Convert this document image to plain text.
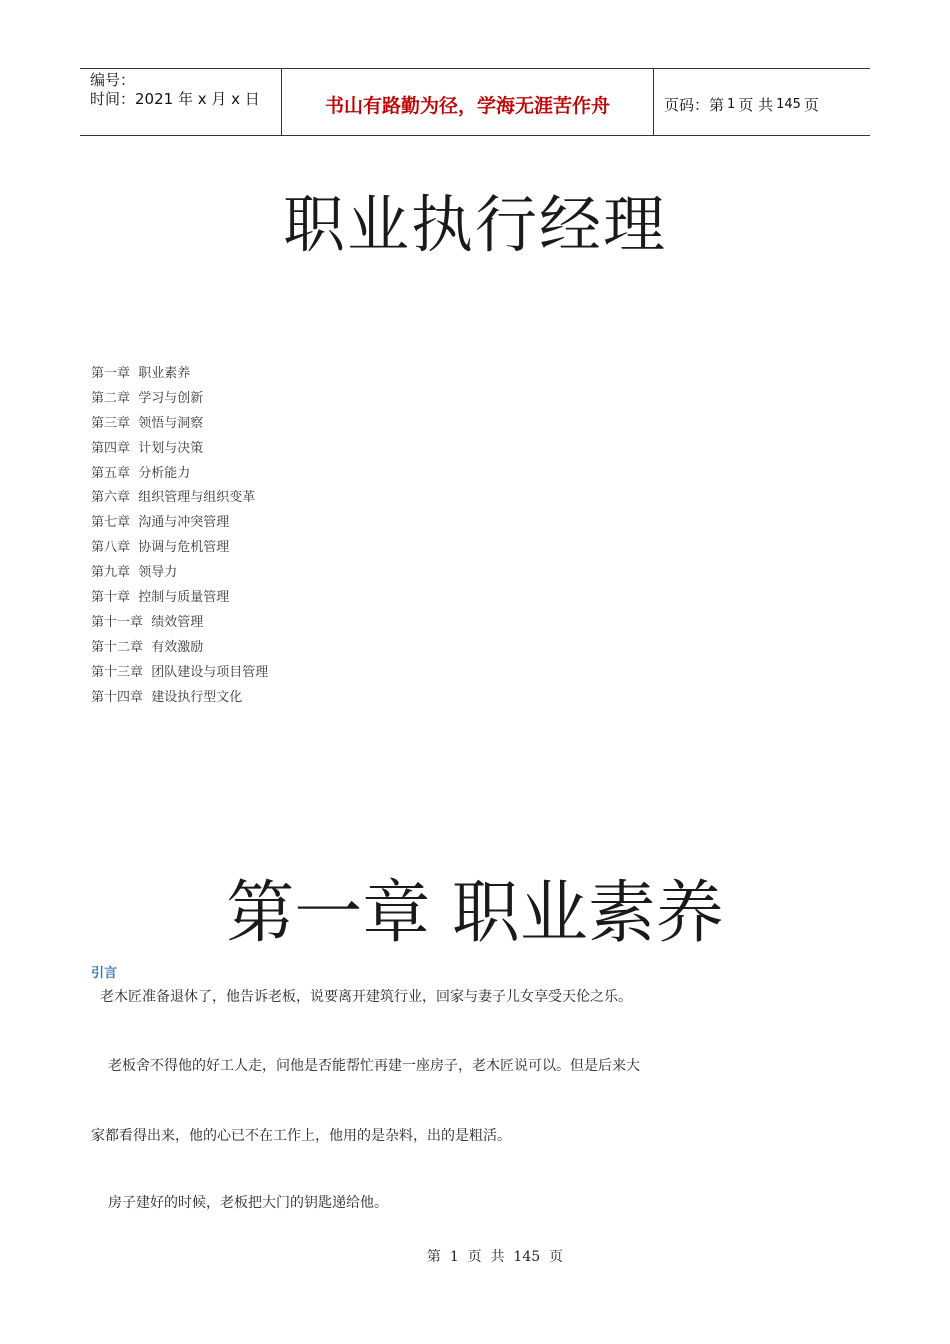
编号：
时间：2021 年 x 月 x 日	书山有路勤为径，学海无涯苦作舟	页码：第 1 页 共 145 页
职业执行经理
第一章  职业素养
第二章  学习与创新
第三章  领悟与洞察
第四章  计划与决策
第五章  分析能力
第六章  组织管理与组织变革
第七章  沟通与冲突管理
第八章  协调与危机管理
第九章  领导力
第十章  控制与质量管理
第十一章  绩效管理
第十二章  有效激励
第十三章  团队建设与项目管理
第十四章  建设执行型文化
第一章 职业素养
引言

老木匠准备退休了，他告诉老板，说要离开建筑行业，回家与妻子儿女享受天伦之乐。

老板舍不得他的好工人走，问他是否能帮忙再建一座房子，老木匠说可以。但是后来大

家都看得出来，他的心已不在工作上，他用的是杂料，出的是粗活。

房子建好的时候，老板把大门的钥匙递给他。

第  1  页  共  145  页
